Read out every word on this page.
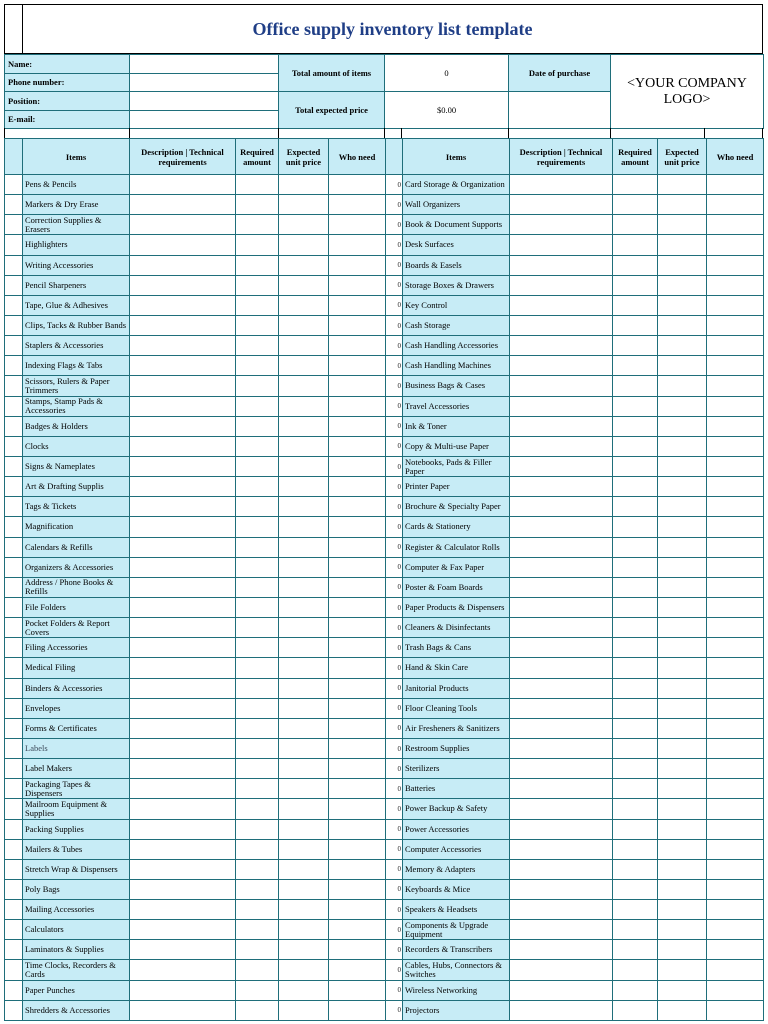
Office supply inventory list template
Name:		Total amount of items	0	Date of purchase	<YOUR COMPANY LOGO>
Phone number:					
Position:		Total expected price	$0.00		
E-mail:					
	Items	Description | Technical requirements	Required amount	Expected unit price	Who need		Items	Description | Technical requirements	Required amount	Expected unit price	Who need
	Pens & Pencils					0	Card Storage & Organization				
	Markers & Dry Erase					0	Wall Organizers				
	Correction Supplies & Erasers					0	Book & Document Supports				
	Highlighters					0	Desk Surfaces				
	Writing Accessories					0	Boards & Easels				
	Pencil Sharpeners					0	Storage Boxes & Drawers				
	Tape, Glue & Adhesives					0	Key Control				
	Clips, Tacks & Rubber Bands					0	Cash Storage				
	Staplers & Accessories					0	Cash Handling Accessories				
	Indexing Flags & Tabs					0	Cash Handling Machines				
	Scissors, Rulers & Paper Trimmers					0	Business Bags & Cases				
	Stamps, Stamp Pads & Accessories					0	Travel Accessories				
	Badges & Holders					0	Ink & Toner				
	Clocks					0	Copy & Multi-use Paper				
	Signs & Nameplates					0	Notebooks, Pads & Filler Paper				
	Art & Drafting Supplis					0	Printer Paper				
	Tags & Tickets					0	Brochure & Specialty Paper				
	Magnification					0	Cards & Stationery				
	Calendars & Refills					0	Register & Calculator Rolls				
	Organizers & Accessories					0	Computer & Fax Paper				
	Address / Phone Books & Refills					0	Poster & Foam Boards				
	File Folders					0	Paper Products & Dispensers				
	Pocket Folders & Report Covers					0	Cleaners & Disinfectants				
	Filing Accessories					0	Trash Bags & Cans				
	Medical Filing					0	Hand & Skin Care				
	Binders & Accessories					0	Janitorial Products				
	Envelopes					0	Floor Cleaning Tools				
	Forms & Certificates					0	Air Fresheners & Sanitizers				
	Labels					0	Restroom Supplies				
	Label Makers					0	Sterilizers				
	Packaging Tapes & Dispensers					0	Batteries				
	Mailroom Equipment & Supplies					0	Power Backup & Safety				
	Packing Supplies					0	Power Accessories				
	Mailers & Tubes					0	Computer Accessories				
	Stretch Wrap & Dispensers					0	Memory & Adapters				
	Poly Bags					0	Keyboards & Mice				
	Mailing Accessories					0	Speakers & Headsets				
	Calculators					0	Components & Upgrade Equipment				
	Laminators & Supplies					0	Recorders & Transcribers				
	Time Clocks, Recorders & Cards					0	Cables, Hubs, Connectors & Switches				
	Paper Punches					0	Wireless Networking				
	Shredders & Accessories					0	Projectors				
